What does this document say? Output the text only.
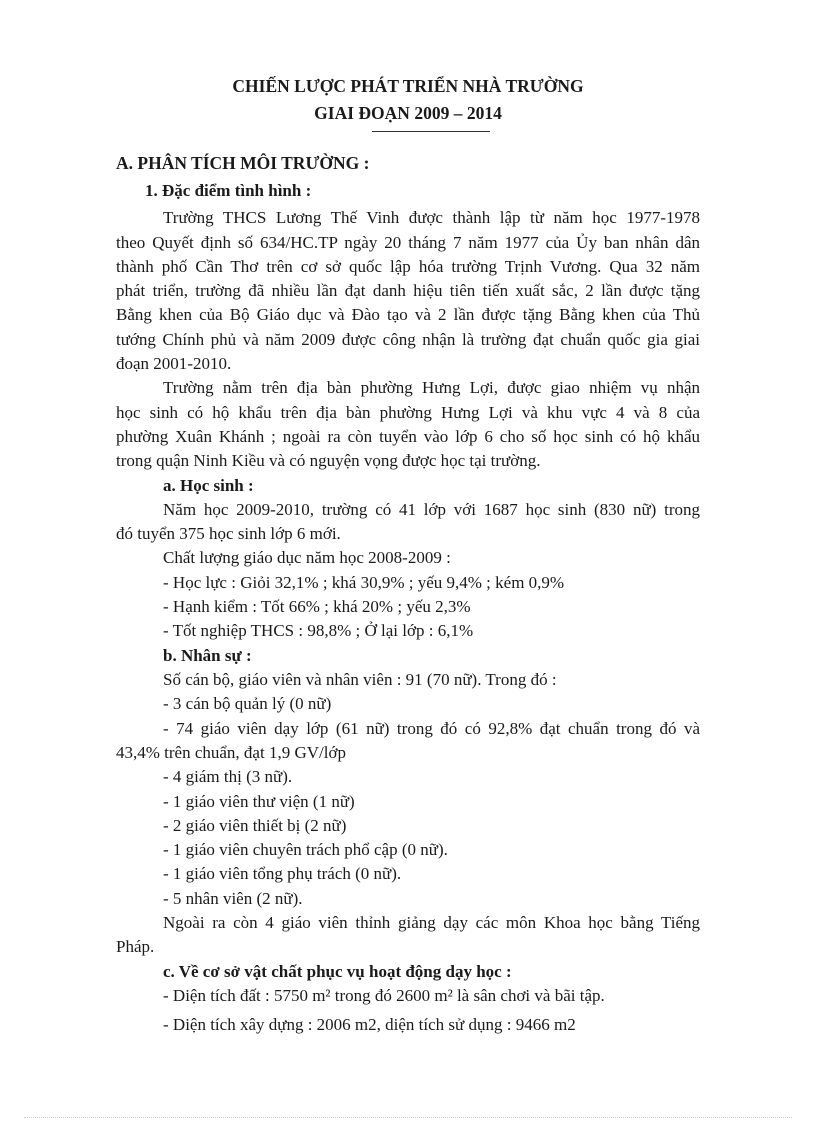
CHIẾN LƯỢC PHÁT TRIỂN NHÀ TRƯỜNG
GIAI ĐOẠN 2009 – 2014
A. PHÂN TÍCH MÔI TRƯỜNG :
1. Đặc điểm tình hình :
Trường THCS Lương Thế Vinh được thành lập từ năm học 1977-1978
theo Quyết định số 634/HC.TP ngày 20 tháng 7 năm 1977 của Ủy ban nhân dân
thành phố Cần Thơ trên cơ sở quốc lập hóa trường Trịnh Vương. Qua 32 năm
phát triển, trường đã nhiều lần đạt danh hiệu tiên tiến xuất sắc, 2 lần được tặng
Bằng khen của Bộ Giáo dục và Đào tạo và 2 lần được tặng Bằng khen của Thủ
tướng Chính phủ và năm 2009 được công nhận là trường đạt chuẩn quốc gia giai
đoạn 2001-2010.
Trường nằm trên địa bàn phường Hưng Lợi, được giao nhiệm vụ nhận
học sinh có hộ khẩu trên địa bàn phường Hưng Lợi và khu vực 4 và 8 của
phường Xuân Khánh ; ngoài ra còn tuyển vào lớp 6 cho số học sinh có hộ khẩu
trong quận Ninh Kiều và có nguyện vọng được học tại trường.
a. Học sinh :
Năm học 2009-2010, trường có 41 lớp với 1687 học sinh (830 nữ) trong
đó tuyển 375 học sinh lớp 6 mới.
Chất lượng giáo dục năm học 2008-2009 :
- Học lực : Giỏi 32,1% ; khá 30,9% ; yếu 9,4% ; kém 0,9%
- Hạnh kiểm : Tốt 66% ; khá 20% ; yếu 2,3%
- Tốt nghiệp THCS : 98,8% ; Ở lại lớp : 6,1%
b. Nhân sự :
Số cán bộ, giáo viên và nhân viên : 91 (70 nữ). Trong đó :
- 3 cán bộ quản lý (0 nữ)
- 74 giáo viên dạy lớp (61 nữ) trong đó có 92,8% đạt chuẩn trong đó và
43,4% trên chuẩn, đạt 1,9 GV/lớp
- 4 giám thị (3 nữ).
- 1 giáo viên thư viện (1 nữ)
- 2 giáo viên thiết bị (2 nữ)
- 1 giáo viên chuyên trách phổ cập (0 nữ).
- 1 giáo viên tổng phụ trách (0 nữ).
- 5 nhân viên (2 nữ).
Ngoài ra còn 4 giáo viên thỉnh giảng dạy các môn Khoa học bằng Tiếng
Pháp.
c. Về cơ sở vật chất phục vụ hoạt động dạy học :
- Diện tích đất : 5750 m² trong đó 2600 m² là sân chơi và bãi tập.
- Diện tích xây dựng : 2006 m2, diện tích sử dụng : 9466 m2
